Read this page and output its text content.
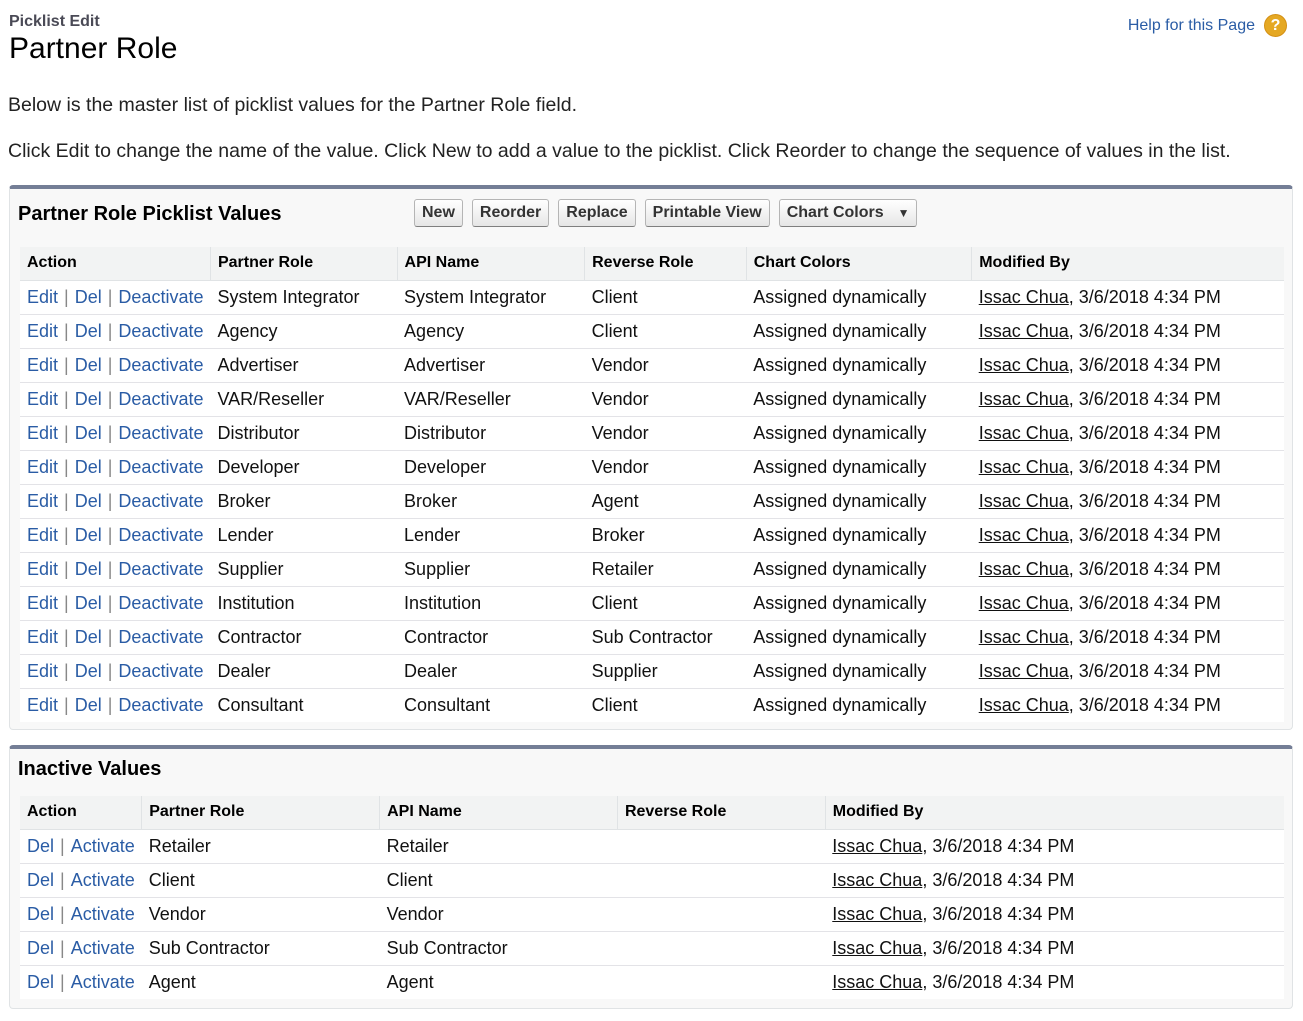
Picklist Edit
Partner Role
Help for this Page ?
Below is the master list of picklist values for the Partner Role field.
Click Edit to change the name of the value. Click New to add a value to the picklist. Click Reorder to change the sequence of values in the list.
Partner Role Picklist Values	New	Reorder	Replace	Printable View	Chart Colors ▼
Action	Partner Role	API Name	Reverse Role	Chart Colors	Modified By
Edit | Del | Deactivate	System Integrator	System Integrator	Client	Assigned dynamically	Issac Chua, 3/6/2018 4:34 PM
Edit | Del | Deactivate	Agency	Agency	Client	Assigned dynamically	Issac Chua, 3/6/2018 4:34 PM
Edit | Del | Deactivate	Advertiser	Advertiser	Vendor	Assigned dynamically	Issac Chua, 3/6/2018 4:34 PM
Edit | Del | Deactivate	VAR/Reseller	VAR/Reseller	Vendor	Assigned dynamically	Issac Chua, 3/6/2018 4:34 PM
Edit | Del | Deactivate	Distributor	Distributor	Vendor	Assigned dynamically	Issac Chua, 3/6/2018 4:34 PM
Edit | Del | Deactivate	Developer	Developer	Vendor	Assigned dynamically	Issac Chua, 3/6/2018 4:34 PM
Edit | Del | Deactivate	Broker	Broker	Agent	Assigned dynamically	Issac Chua, 3/6/2018 4:34 PM
Edit | Del | Deactivate	Lender	Lender	Broker	Assigned dynamically	Issac Chua, 3/6/2018 4:34 PM
Edit | Del | Deactivate	Supplier	Supplier	Retailer	Assigned dynamically	Issac Chua, 3/6/2018 4:34 PM
Edit | Del | Deactivate	Institution	Institution	Client	Assigned dynamically	Issac Chua, 3/6/2018 4:34 PM
Edit | Del | Deactivate	Contractor	Contractor	Sub Contractor	Assigned dynamically	Issac Chua, 3/6/2018 4:34 PM
Edit | Del | Deactivate	Dealer	Dealer	Supplier	Assigned dynamically	Issac Chua, 3/6/2018 4:34 PM
Edit | Del | Deactivate	Consultant	Consultant	Client	Assigned dynamically	Issac Chua, 3/6/2018 4:34 PM
Inactive Values
Action	Partner Role	API Name	Reverse Role	Modified By
Del | Activate	Retailer	Retailer		Issac Chua, 3/6/2018 4:34 PM
Del | Activate	Client	Client		Issac Chua, 3/6/2018 4:34 PM
Del | Activate	Vendor	Vendor		Issac Chua, 3/6/2018 4:34 PM
Del | Activate	Sub Contractor	Sub Contractor		Issac Chua, 3/6/2018 4:34 PM
Del | Activate	Agent	Agent		Issac Chua, 3/6/2018 4:34 PM
